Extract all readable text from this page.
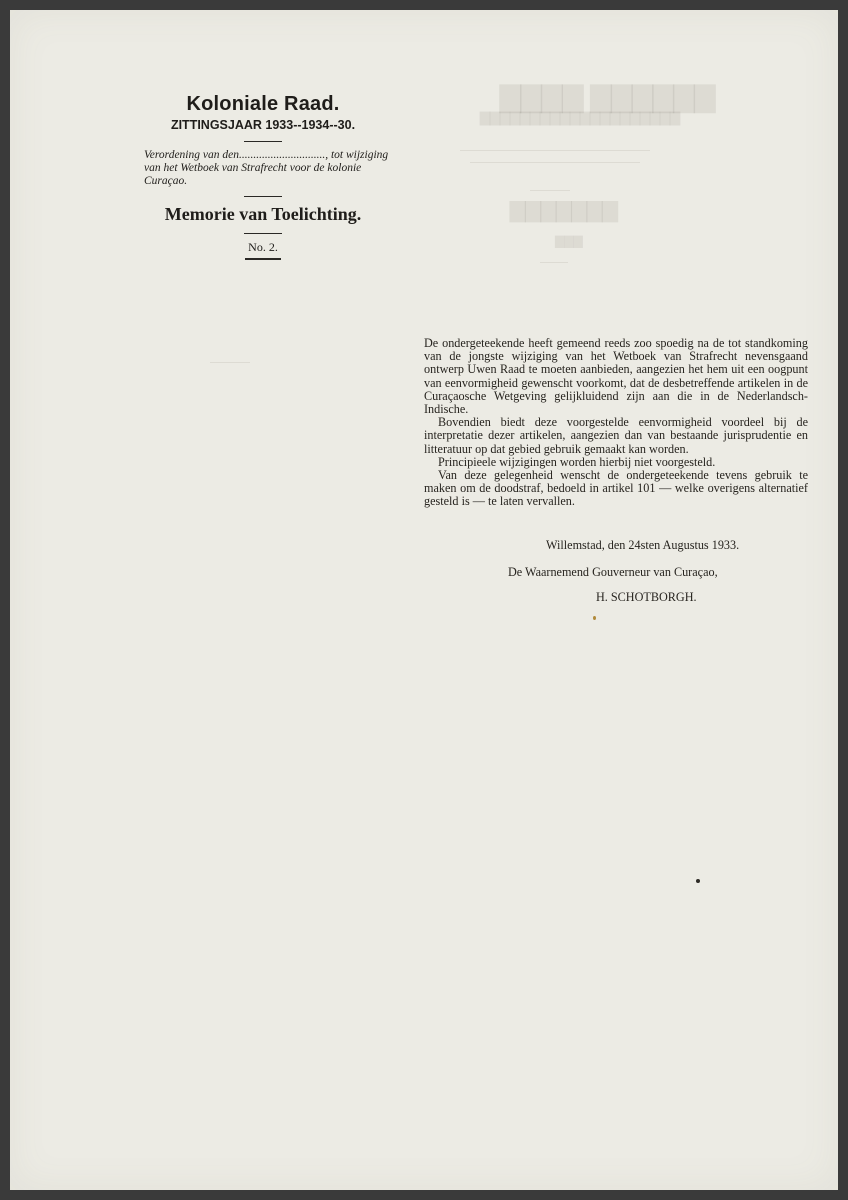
▇▇▇▇▇▇ ▇▇▇▇
▇▇▇▇▇▇▇▇▇▇▇▇▇▇▇▇▇▇▇▇
▇▇▇▇▇▇▇
▇▇▇
Koloniale Raad.
ZITTINGSJAAR 1933--1934--30.
Verordening van den.............................., tot wijziging van het Wetboek van Strafrecht voor de kolonie Curaçao.
Memorie van Toelichting.
No. 2.

De ondergeteekende heeft gemeend reeds zoo spoedig na de tot standkoming van de jongste wijziging van het Wetboek van Strafrecht nevensgaand ontwerp Uwen Raad te moeten aanbieden, aangezien het hem uit een oogpunt van eenvormigheid gewenscht voorkomt, dat de desbetreffende artikelen in de Curaçaosche Wetgeving gelijkluidend zijn aan die in de Nederlandsch-Indische.

Bovendien biedt deze voorgestelde eenvormigheid voordeel bij de interpretatie dezer artikelen, aangezien dan van bestaande jurisprudentie en litteratuur op dat gebied gebruik gemaakt kan worden.

Principieele wijzigingen worden hierbij niet voorgesteld.

Van deze gelegenheid wenscht de ondergeteekende tevens gebruik te maken om de doodstraf, bedoeld in artikel 101 — welke overigens alternatief gesteld is — te laten vervallen.

Willemstad, den 24sten Augustus 1933.
De Waarnemend Gouverneur van Curaçao,
H. SCHOTBORGH.
